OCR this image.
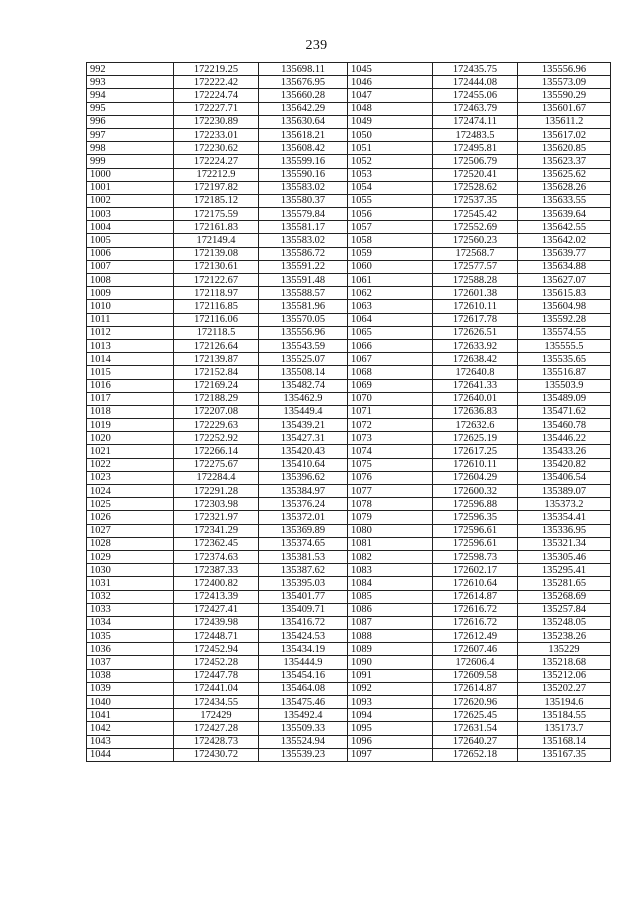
239
992	172219.25	135698.11	1045	172435.75	135556.96
993	172222.42	135676.95	1046	172444.08	135573.09
994	172224.74	135660.28	1047	172455.06	135590.29
995	172227.71	135642.29	1048	172463.79	135601.67
996	172230.89	135630.64	1049	172474.11	135611.2
997	172233.01	135618.21	1050	172483.5	135617.02
998	172230.62	135608.42	1051	172495.81	135620.85
999	172224.27	135599.16	1052	172506.79	135623.37
1000	172212.9	135590.16	1053	172520.41	135625.62
1001	172197.82	135583.02	1054	172528.62	135628.26
1002	172185.12	135580.37	1055	172537.35	135633.55
1003	172175.59	135579.84	1056	172545.42	135639.64
1004	172161.83	135581.17	1057	172552.69	135642.55
1005	172149.4	135583.02	1058	172560.23	135642.02
1006	172139.08	135586.72	1059	172568.7	135639.77
1007	172130.61	135591.22	1060	172577.57	135634.88
1008	172122.67	135591.48	1061	172588.28	135627.07
1009	172118.97	135588.57	1062	172601.38	135615.83
1010	172116.85	135581.96	1063	172610.11	135604.98
1011	172116.06	135570.05	1064	172617.78	135592.28
1012	172118.5	135556.96	1065	172626.51	135574.55
1013	172126.64	135543.59	1066	172633.92	135555.5
1014	172139.87	135525.07	1067	172638.42	135535.65
1015	172152.84	135508.14	1068	172640.8	135516.87
1016	172169.24	135482.74	1069	172641.33	135503.9
1017	172188.29	135462.9	1070	172640.01	135489.09
1018	172207.08	135449.4	1071	172636.83	135471.62
1019	172229.63	135439.21	1072	172632.6	135460.78
1020	172252.92	135427.31	1073	172625.19	135446.22
1021	172266.14	135420.43	1074	172617.25	135433.26
1022	172275.67	135410.64	1075	172610.11	135420.82
1023	172284.4	135396.62	1076	172604.29	135406.54
1024	172291.28	135384.97	1077	172600.32	135389.07
1025	172303.98	135376.24	1078	172596.88	135373.2
1026	172321.97	135372.01	1079	172596.35	135354.41
1027	172341.29	135369.89	1080	172596.61	135336.95
1028	172362.45	135374.65	1081	172596.61	135321.34
1029	172374.63	135381.53	1082	172598.73	135305.46
1030	172387.33	135387.62	1083	172602.17	135295.41
1031	172400.82	135395.03	1084	172610.64	135281.65
1032	172413.39	135401.77	1085	172614.87	135268.69
1033	172427.41	135409.71	1086	172616.72	135257.84
1034	172439.98	135416.72	1087	172616.72	135248.05
1035	172448.71	135424.53	1088	172612.49	135238.26
1036	172452.94	135434.19	1089	172607.46	135229
1037	172452.28	135444.9	1090	172606.4	135218.68
1038	172447.78	135454.16	1091	172609.58	135212.06
1039	172441.04	135464.08	1092	172614.87	135202.27
1040	172434.55	135475.46	1093	172620.96	135194.6
1041	172429	135492.4	1094	172625.45	135184.55
1042	172427.28	135509.33	1095	172631.54	135173.7
1043	172428.73	135524.94	1096	172640.27	135168.14
1044	172430.72	135539.23	1097	172652.18	135167.35
